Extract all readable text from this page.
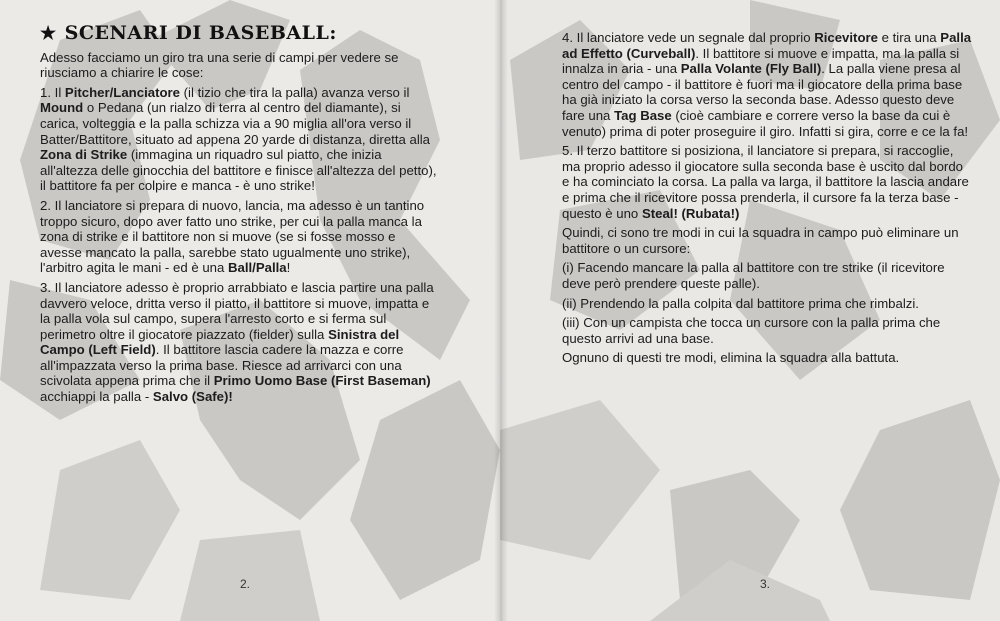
★ SCENARI DI BASEBALL:

Adesso facciamo un giro tra una serie di campi per vedere se riusciamo a chiarire le cose:

1. Il Pitcher/Lanciatore (il tizio che tira la palla) avanza verso il Mound o Pedana (un rialzo di terra al centro del diamante), si carica, volteggia e la palla schizza via a 90 miglia all'ora verso il Batter/Battitore, situato ad appena 20 yarde di distanza, diretta alla Zona di Strike (immagina un riquadro sul piatto, che inizia all'altezza delle ginocchia del battitore e finisce all'altezza del petto), il battitore fa per colpire e manca - è uno strike!

2. Il lanciatore si prepara di nuovo, lancia, ma adesso è un tantino troppo sicuro, dopo aver fatto uno strike, per cui la palla manca la zona di strike e il battitore non si muove (se si fosse mosso e avesse mancato la palla, sarebbe stato ugualmente uno strike), l'arbitro agita le mani - ed è una Ball/Palla!

3. Il lanciatore adesso è proprio arrabbiato e lascia partire una palla davvero veloce, dritta verso il piatto, il battitore si muove, impatta e la palla vola sul campo, supera l'arresto corto e si ferma sul perimetro oltre il giocatore piazzato (fielder) sulla Sinistra del Campo (Left Field). Il battitore lascia cadere la mazza e corre all'impazzata verso la prima base. Riesce ad arrivarci con una scivolata appena prima che il Primo Uomo Base (First Baseman) acchiappi la palla - Salvo (Safe)!

2.

4. Il lanciatore vede un segnale dal proprio Ricevitore e tira una Palla ad Effetto (Curveball). Il battitore si muove e impatta, ma la palla si innalza in aria - una Palla Volante (Fly Ball). La palla viene presa al centro del campo - il battitore è fuori ma il giocatore della prima base ha già iniziato la corsa verso la seconda base. Adesso questo deve fare una Tag Base (cioè cambiare e correre verso la base da cui è venuto) prima di poter proseguire il giro. Infatti si gira, corre e ce la fa!

5. Il terzo battitore si posiziona, il lanciatore si prepara, si raccoglie, ma proprio adesso il giocatore sulla seconda base è uscito dal bordo e ha cominciato la corsa. La palla va larga, il battitore la lascia andare e prima che il ricevitore possa prenderla, il cursore fa la terza base - questo è uno Steal! (Rubata!)

Quindi, ci sono tre modi in cui la squadra in campo può eliminare un battitore o un cursore:

(i) Facendo mancare la palla al battitore con tre strike (il ricevitore deve però prendere queste palle).

(ii) Prendendo la palla colpita dal battitore prima che rimbalzi.

(iii) Con un campista che tocca un cursore con la palla prima che questo arrivi ad una base.

Ognuno di questi tre modi, elimina la squadra alla battuta.

3.
